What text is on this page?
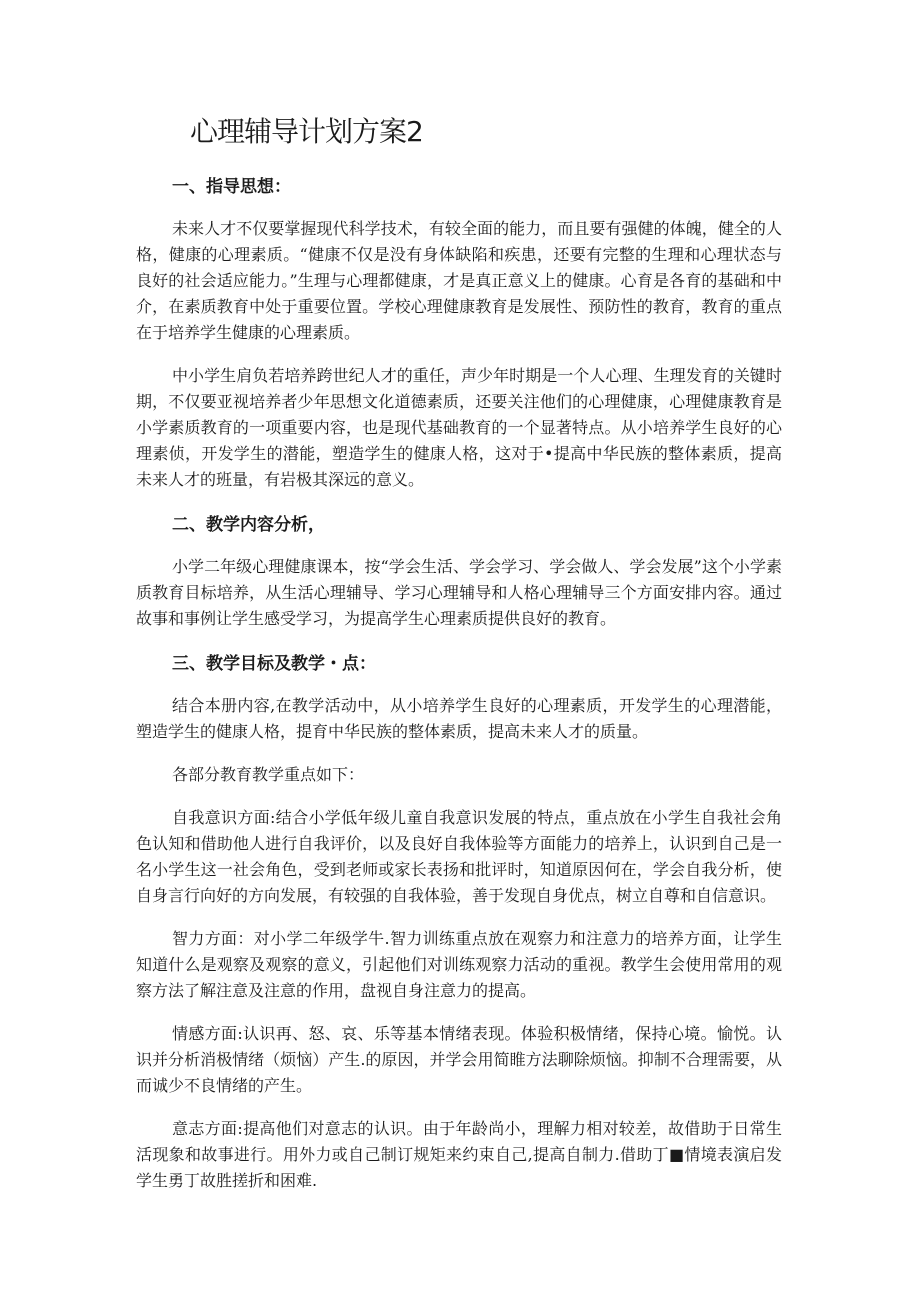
心理辅导计划方案2
一、指导思想：

未来人才不仅要掌握现代科学技术，有较全面的能力，而且要有强健的体魄，健全的人格，健康的心理素质。“健康不仅是没有身体缺陷和疾患，还要有完整的生理和心理状态与良好的社会适应能力。”生理与心理都健康，才是真正意义上的健康。心育是各育的基础和中介，在素质教育中处于重要位置。学校心理健康教育是发展性、预防性的教育，教育的重点在于培养学生健康的心理素质。

中小学生肩负若培养跨世纪人才的重任，声少年时期是一个人心理、生理发育的关键时期，不仅要亚视培养者少年思想文化道德素质，还要关注他们的心理健康，心理健康教育是小学素质教育的一项重要内容，也是现代基础教育的一个显著特点。从小培养学生良好的心理素侦，开发学生的潜能，塑造学生的健康人格，这对于•提高中华民族的整体素质，提高未来人才的班量，有岩极其深远的意义。

二、教学内容分析，

小学二年级心理健康课本，按“学会生活、学会学习、学会做人、学会发展”这个小学素质教育目标培养，从生活心理辅导、学习心理辅导和人格心理辅导三个方面安排内容。通过故事和事例让学生感受学习，为提高学生心理素质提供良好的教育。

三、教学目标及教学・点：

结合本册内容,在教学活动中，从小培养学生良好的心理素质，开发学生的心理潜能，塑造学生的健康人格，提育中华民族的整体素质，提高未来人才的质量。

各部分教育教学重点如下：

自我意识方面:结合小学低年级儿童自我意识发展的特点，重点放在小学生自我社会角色认知和借助他人进行自我评价，以及良好自我体验等方面能力的培养上，认识到自己是一名小学生这一社会角色，受到老师或家长表扬和批评时，知道原因何在，学会自我分析，使自身言行向好的方向发展，有较强的自我体验，善于发现自身优点，树立自尊和自信意识。

智力方面：对小学二年级学牛.智力训练重点放在观察力和注意力的培养方面，让学生知道什么是观察及观察的意义，引起他们对训练观察力活动的重视。教学生会使用常用的观察方法了解注意及注意的作用，盘视自身注意力的提高。

情感方面:认识再、怒、哀、乐等基本情绪表现。体验积极情绪，保持心境。愉悦。认识并分析消极情绪（烦恼）产生.的原因，并学会用简睢方法聊除烦恼。抑制不合理需要，从而诚少不良情绪的产生。

意志方面:提高他们对意志的认识。由于年龄尚小，理解力相对较差，故借助于日常生活现象和故事进行。用外力或自己制订规矩来约束自己,提高自制力.借助丁■情境表演启发学生勇丁故胜搓折和困难.
